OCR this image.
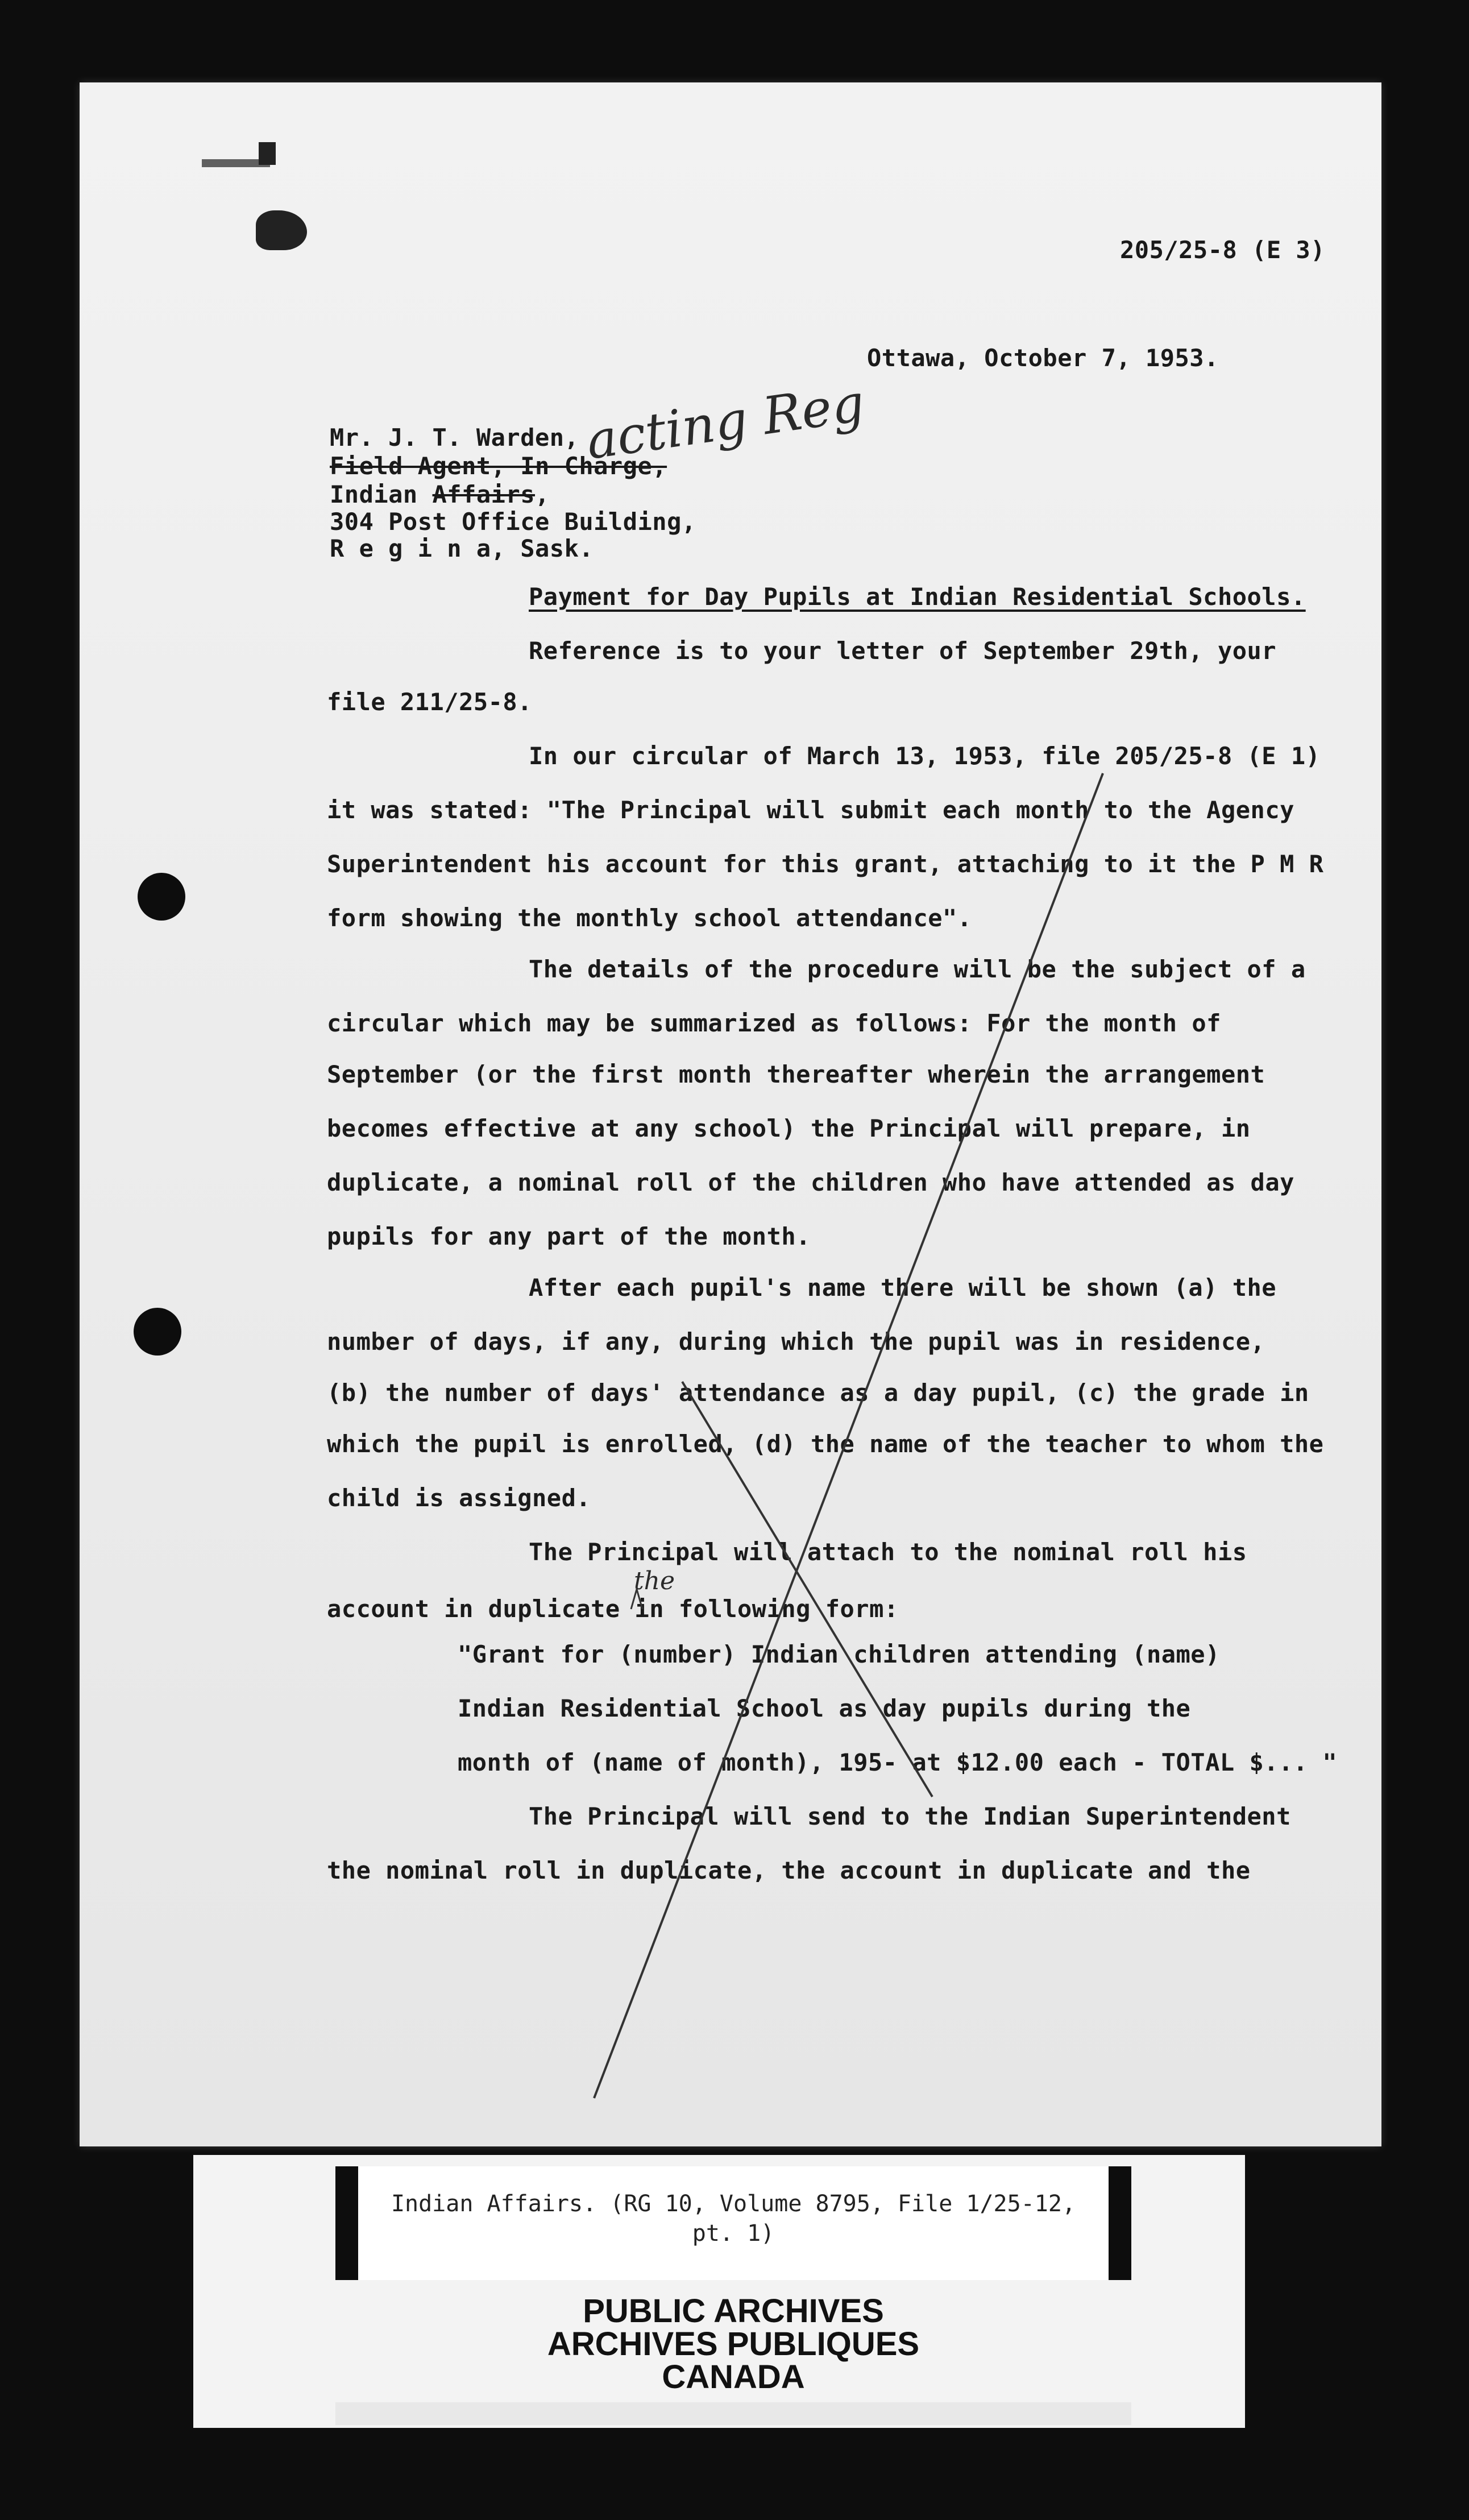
205/25-8 (E 3)
Ottawa, October 7, 1953.
Mr. J. T. Warden,
Field Agent, In Charge,
Indian Affairs,
304 Post Office Building,
R e g i n a, Sask.
acting Reg
Payment for Day Pupils at Indian Residential Schools.
Reference is to your letter of September 29th, your
file 211/25-8.
In our circular of March 13, 1953, file 205/25-8 (E 1)
it was stated: "The Principal will submit each month to the Agency
Superintendent his account for this grant, attaching to it the P M R
form showing the monthly school attendance".
The details of the procedure will be the subject of a
circular which may be summarized as follows: For the month of
September (or the first month thereafter wherein the arrangement
becomes effective at any school) the Principal will prepare, in
duplicate, a nominal roll of the children who have attended as day
pupils for any part of the month.
After each pupil's name there will be shown (a) the
number of days, if any, during which the pupil was in residence,
(b) the number of days' attendance as a day pupil, (c) the grade in
which the pupil is enrolled, (d) the name of the teacher to whom the
child is assigned.
The Principal will attach to the nominal roll his
account in duplicate in following form:
the
"Grant for (number) Indian children attending (name)
Indian Residential School as day pupils during the
month of (name of month), 195- at $12.00 each - TOTAL $... "
The Principal will send to the Indian Superintendent
the nominal roll in duplicate, the account in duplicate and the
Indian Affairs. (RG 10, Volume 8795, File 1/25-12, pt. 1)
PUBLIC ARCHIVES
ARCHIVES PUBLIQUES
CANADA
